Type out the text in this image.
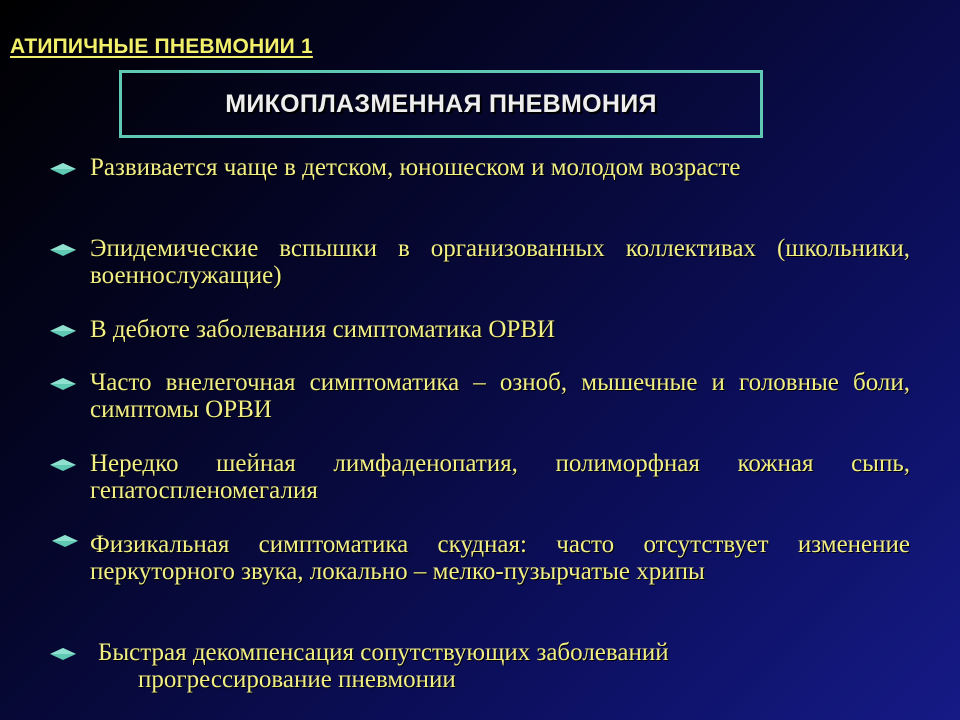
АТИПИЧНЫЕ ПНЕВМОНИИ 1
МИКОПЛАЗМЕННАЯ ПНЕВМОНИЯ
Развивается чаще в детском, юношеском и молодом возрасте
Эпидемические вспышки в организованных коллективах (школьники, военнослужащие)
В дебюте заболевания симптоматика ОРВИ
Часто внелегочная симптоматика – озноб, мышечные и головные боли, симптомы ОРВИ
Нередко шейная лимфаденопатия, полиморфная кожная сыпь, гепатоспленомегалия
Физикальная симптоматика скудная: часто отсутствует изменение перкуторного звука, локально – мелко-пузырчатые хрипы
Быстрая декомпенсация сопутствующих заболеваний
прогрессирование пневмонии
